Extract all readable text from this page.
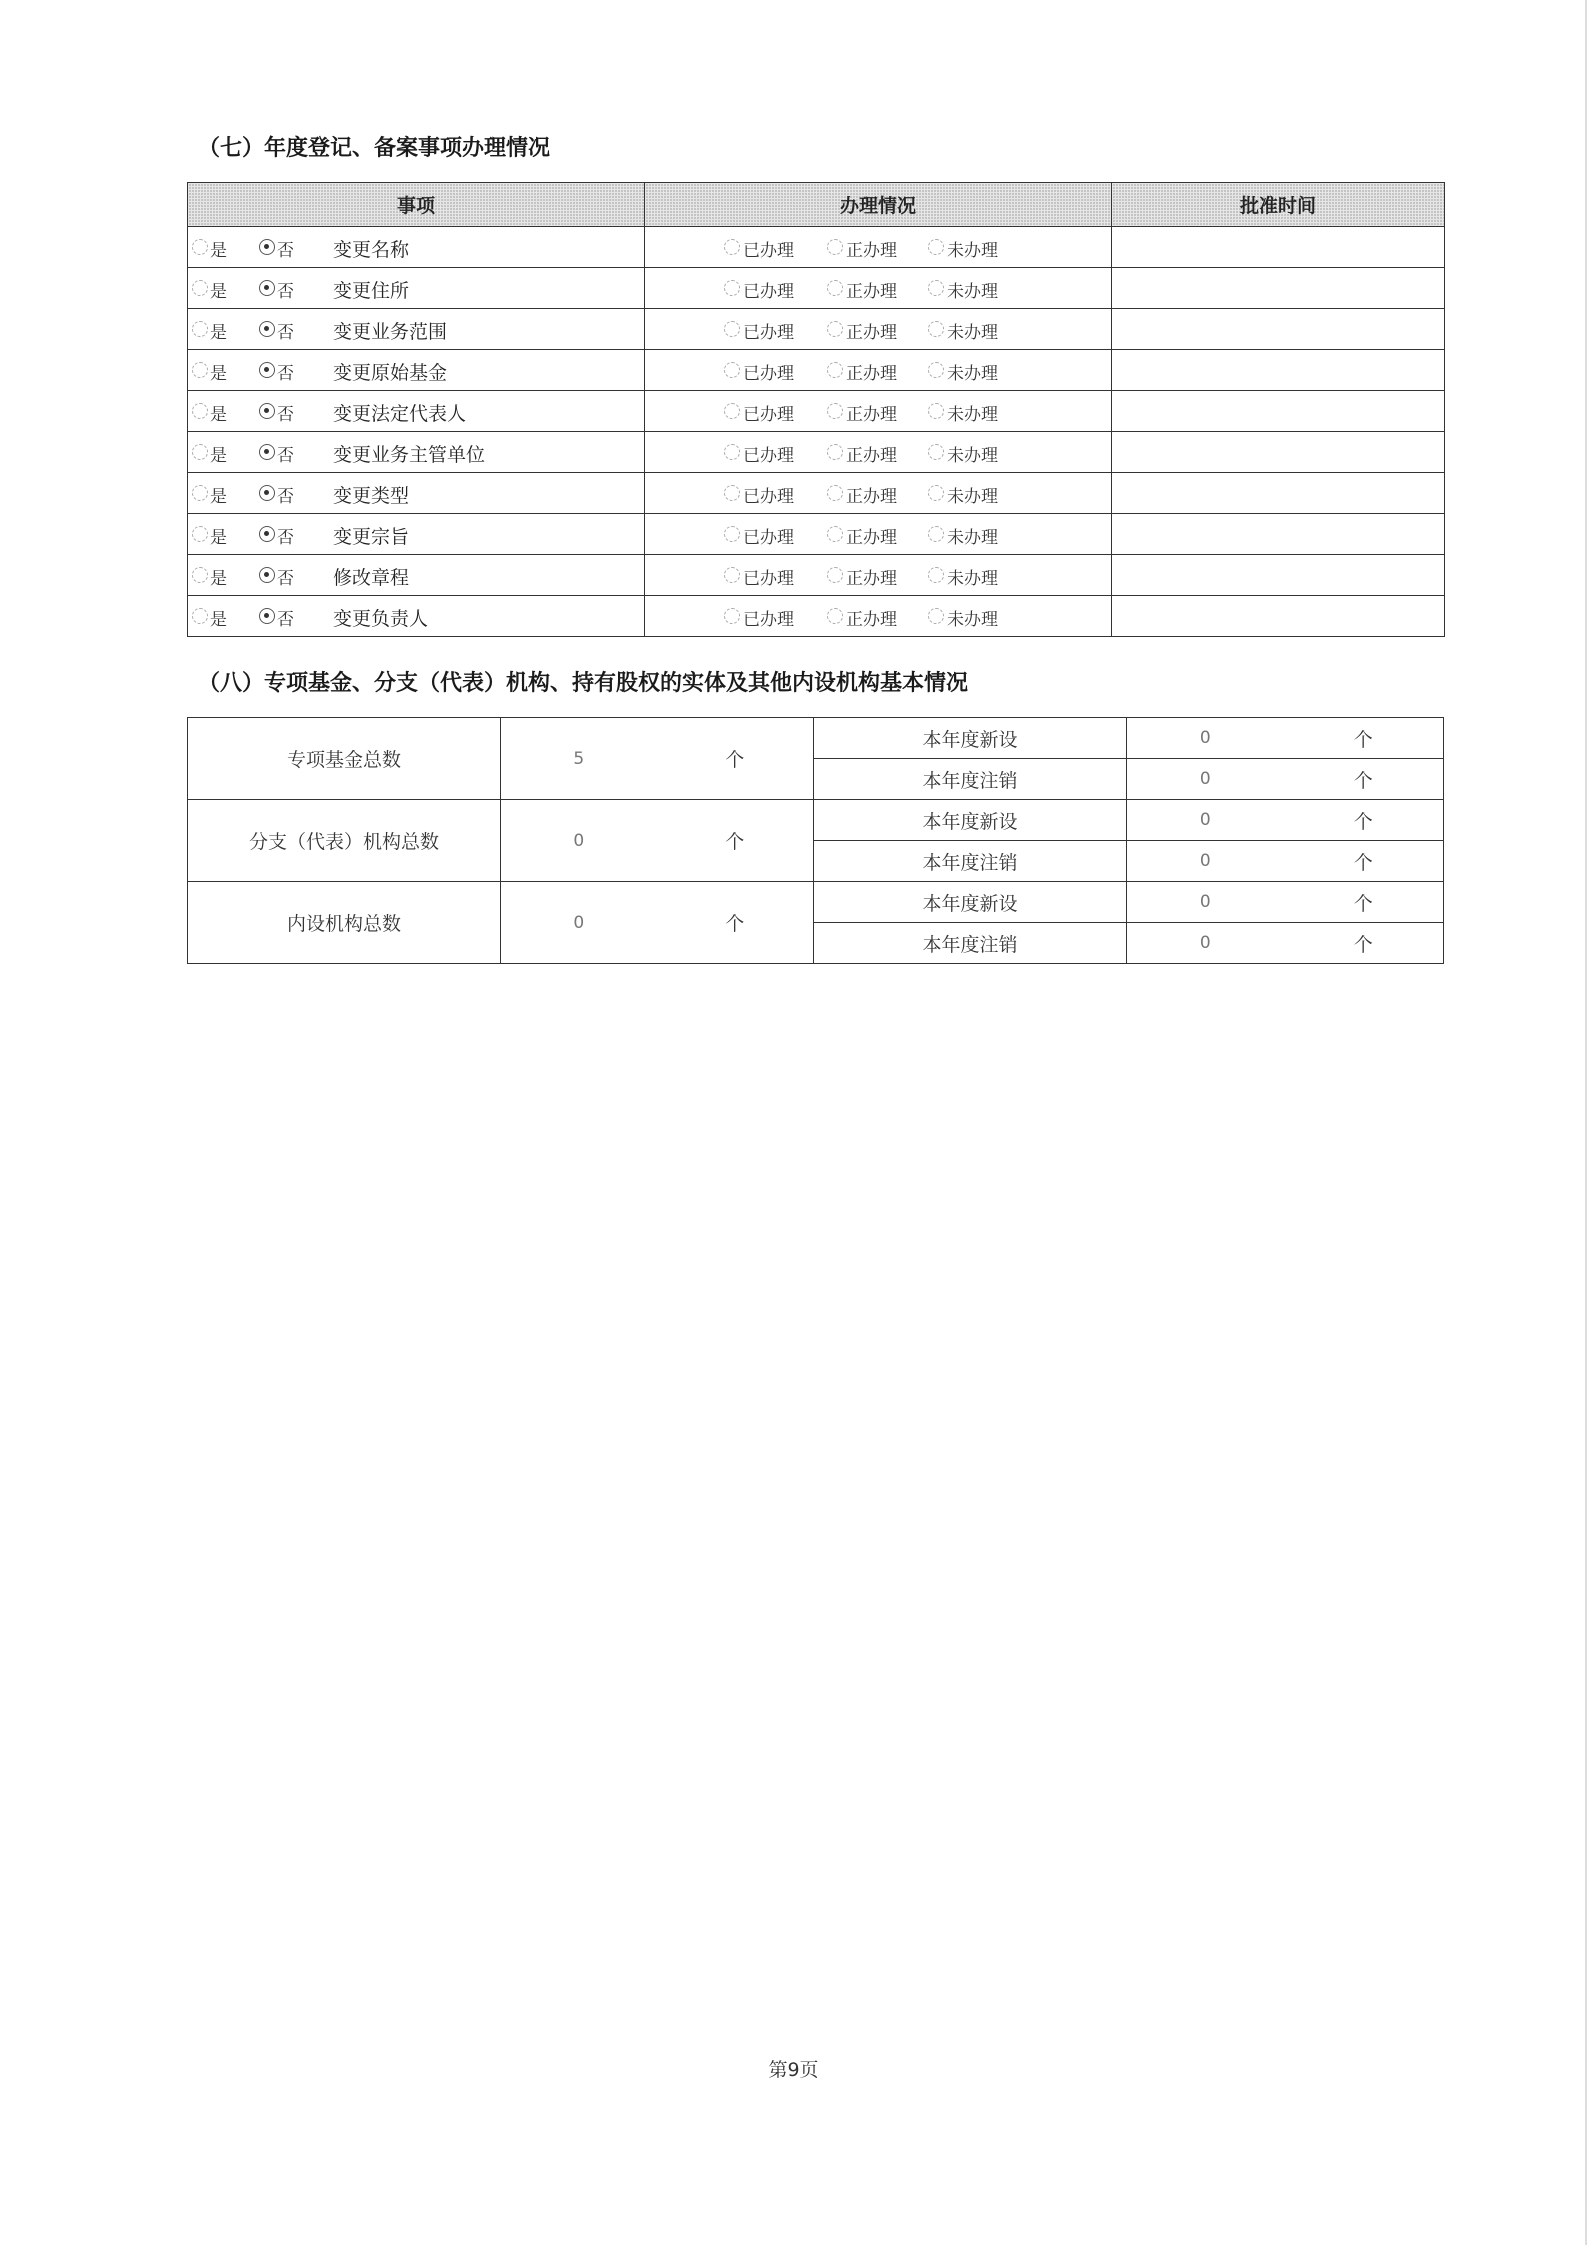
（七）年度登记、备案事项办理情况
事项	办理情况	批准时间

是 否 变更名称	已办理 正办理 未办理	

是 否 变更住所	已办理 正办理 未办理	

是 否 变更业务范围	已办理 正办理 未办理	

是 否 变更原始基金	已办理 正办理 未办理	

是 否 变更法定代表人	已办理 正办理 未办理	

是 否 变更业务主管单位	已办理 正办理 未办理	

是 否 变更类型	已办理 正办理 未办理	

是 否 变更宗旨	已办理 正办理 未办理	

是 否 修改章程	已办理 正办理 未办理	

是 否 变更负责人	已办理 正办理 未办理	

（八）专项基金、分支（代表）机构、持有股权的实体及其他内设机构基本情况
专项基金总数	5	个	本年度新设	0	个
			本年度注销	0	个
分支（代表）机构总数	0	个	本年度新设	0	个
			本年度注销	0	个
内设机构总数	0	个	本年度新设	0	个
			本年度注销	0	个
第9页
